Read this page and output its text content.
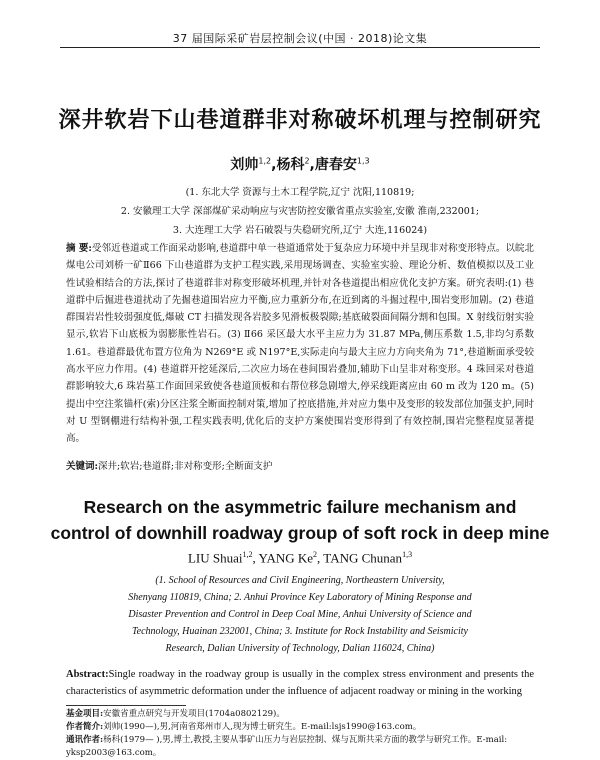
37 届国际采矿岩层控制会议(中国 · 2018)论文集
深井软岩下山巷道群非对称破坏机理与控制研究
刘帅$^{1,2}$,杨科$^2$,唐春安$^{1,3}$
(1. 东北大学 资源与土木工程学院,辽宁 沈阳,110819;
2. 安徽理工大学 深部煤矿采动响应与灾害防控安徽省重点实验室,安徽 淮南,232001;
3. 大连理工大学 岩石破裂与失稳研究所,辽宁 大连,116024)
摘 要:受邻近巷道或工作面采动影响,巷道群中单一巷道通常处于复杂应力环境中并呈现非对称变形特点。以皖北煤电公司刘桥一矿Ⅱ66 下山巷道群为支护工程实践,采用现场调查、实验室实验、理论分析、数值模拟以及工业性试验相结合的方法,探讨了巷道群非对称变形破坏机理,并针对各巷道提出相应优化支护方案。研究表明:(1) 巷道群中后掘进巷道扰动了先掘巷道围岩应力平衡,应力重新分布,在近到离的斗掘过程中,围岩变形加剧。(2) 巷道群围岩岩性较弱强度低,爆破 CT 扫描发现各岩胶多见滑板极裂隙;基底破裂面间隔分割和包围。X 射线衍射实验显示,软岩下山底板为弱膨胀性岩石。(3) Ⅱ66 采区最大水平主应力为 31.87 MPa,侧压系数 1.5,非均匀系数 1.61。巷道群最优布置方位角为 N269°E 或 N197°E,实际走向与最大主应力方向夹角为 71°,巷道断面承受较高水平应力作用。(4) 巷道群开挖延深后,二次应力场在巷间围岩叠加,辅助下山呈非对称变形。4 珠回采对巷道群影响较大,6 珠岩墓工作面回采致使各巷道顶板和右帮位移急剧增大,停采线距离应由 60 m 改为 120 m。(5) 提出中空注浆锚杆(索)分区注浆全断面控制对策,增加了控底措施,并对应力集中及变形的较发部位加强支护,同时对 U 型钢棚进行结构补强,工程实践表明,优化后的支护方案使围岩变形得到了有效控制,围岩完整程度显著提高。
关键词:深井;软岩;巷道群;非对称变形;全断面支护
Research on the asymmetric failure mechanism and
control of downhill roadway group of soft rock in deep mine
LIU Shuai$^{1,2}$, YANG Ke$^2$, TANG Chunan$^{1,3}$
(1. School of Resources and Civil Engineering, Northeastern University,
Shenyang 110819, China; 2. Anhui Province Key Laboratory of Mining Response and
Disaster Prevention and Control in Deep Coal Mine, Anhui University of Science and
Technology, Huainan 232001, China; 3. Institute for Rock Instability and Seismicity
Research, Dalian University of Technology, Dalian 116024, China)
Abstract:Single roadway in the roadway group is usually in the complex stress environment and presents the characteristics of asymmetric deformation under the influence of adjacent roadway or mining in the working
基金项目:安徽省重点研究与开发项目(1704a0802129)。
作者简介:刘帅(1990—),男,河南省郑州市人,现为博士研究生。E-mail:lsjs1990@163.com。
通讯作者:杨科(1979— ),男,博士,教授,主要从事矿山压力与岩层控制、煤与瓦斯共采方面的教学与研究工作。E-mail:
yksp2003@163.com。
